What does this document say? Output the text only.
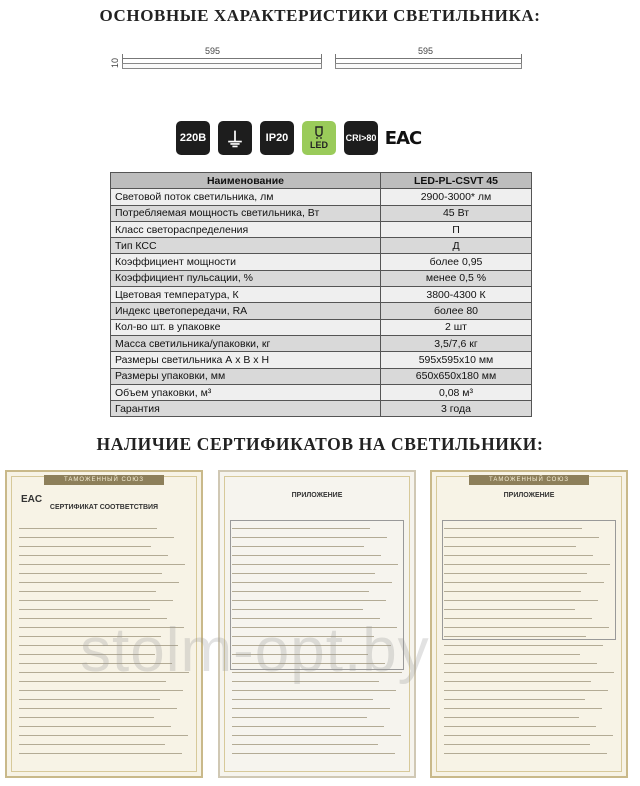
ОСНОВНЫЕ ХАРАКТЕРИСТИКИ СВЕТИЛЬНИКА:
595
10
595
220B ⏚	IP20
LED
CRI>80 EAC
Наименование	LED-PL-CSVT 45
Световой поток светильника, лм	2900-3000* лм
Потребляемая мощность светильника, Вт	45 Вт
Класс светораспределения	П
Тип КСС	Д
Коэффициент мощности	более 0,95
Коэффициент пульсации, %	менее 0,5 %
Цветовая температура, К	3800-4300 К
Индекс цветопередачи, RA	более 80
Кол-во шт. в упаковке	2 шт
Масса светильника/упаковки, кг	3,5/7,6 кг
Размеры светильника А х В х Н	595х595х10 мм
Размеры упаковки, мм	650х650х180 мм
Объем упаковки, м³	0,08 м³
Гарантия	3 года
НАЛИЧИЕ СЕРТИФИКАТОВ НА СВЕТИЛЬНИКИ:
ТАМОЖЕННЫЙ СОЮЗ
EAC
СЕРТИФИКАТ СООТВЕТСТВИЯ
ПРИЛОЖЕНИЕ
ТАМОЖЕННЫЙ СОЮЗ
ПРИЛОЖЕНИЕ
stolm-opt.by
